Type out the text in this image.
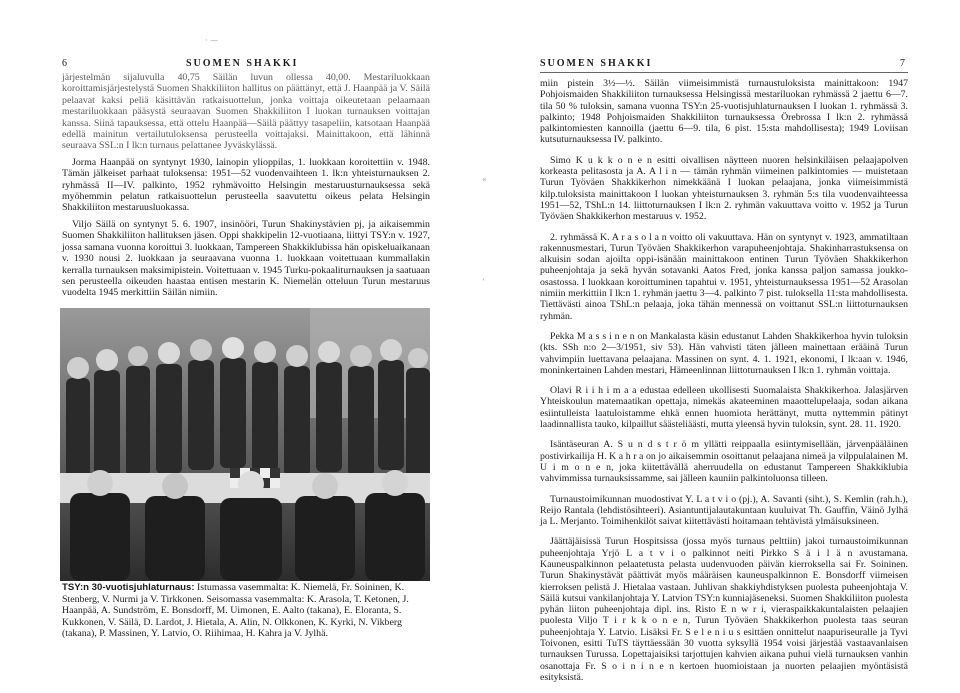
· —
6	SUOMEN SHAKKI

järjestelmän sijaluvulla 40,75 Säilän luvun ollessa 40,00. Mestariluokkaan koroittamisjärjestelystä Suomen Shakkiliiton hallitus on päättänyt, että J. Haanpää ja V. Säilä pelaavat kaksi peliä käsittävän ratkaisuottelun, jonka voittaja oikeutetaan pelaamaan mestariluokkaan pääsystä seuraavan Suomen Shakkiliiton I luokan turnauksen voittajan kanssa. Siinä tapauksessa, että ottelu Haanpää—Säilä päättyy tasapeliin, katsotaan Haanpää edellä mainitun vertailutuloksensa perusteella voittajaksi. Mainittakoon, että lähinnä seuraava SSL:n I lk:n turnaus pelattanee Jyväskylässä.

Jorma Haanpää on syntynyt 1930, lainopin ylioppilas, 1. luokkaan koroitettiin v. 1948. Tämän jälkeiset parhaat tuloksensa: 1951—52 vuodenvaihteen 1. lk:n yhteisturnauksen 2. ryhmässä II—IV. palkinto, 1952 ryhmävoitto Helsingin mestaruusturnauksessa sekä myöhemmin pelatun ratkaisuottelun perusteella saavutettu oikeus pelata Helsingin Shakkiliiton mestaruusluokassa.

Viljo Säilä on syntynyt 5. 6. 1907, insinööri, Turun Shakinystävien pj, ja aikaisemmin Suomen Shakkiliiton hallituksen jäsen. Oppi shakkipelin 12-vuotiaana, liittyi TSY:n v. 1927, jossa samana vuonna koroittui 3. luokkaan, Tampereen Shakkiklubissa hän opiskeluaikanaan v. 1930 nousi 2. luokkaan ja seuraavana vuonna 1. luokkaan voitettuaan kummallakin kerralla turnauksen maksimipistein. Voitettuaan v. 1945 Turku-pokaaliturnauksen ja saatuaan sen perusteella oikeuden haastaa entisen mestarin K. Niemelän otteluun Turun mestaruus vuodelta 1945 merkittiin Säilän nimiin.

TSY:n 30-vuotisjuhlaturnaus: Istumassa vasemmalta: K. Niemelä, Fr. Soininen, K. Stenberg, V. Nurmi ja V. Tirkkonen. Seisomassa vasemmalta: K. Arasola, T. Ketonen, J. Haanpää, A. Sundström, E. Bonsdorff, M. Uimonen, E. Aalto (takana), E. Eloranta, S. Kukkonen, V. Säilä, D. Lardot, J. Hietala, A. Alin, N. Olkkonen, K. Kyrki, N. Vikberg (takana), P. Massinen, Y. Latvio, O. Riihimaa, H. Kahra ja V. Jylhä.
SUOMEN SHAKKI	7

miin pistein 3½—½. Säilän viimeisimmistä turnaustuloksista mainittakoon: 1947 Pohjoismaiden Shakkiliiton turnauksessa Helsingissä mestariluokan ryhmässä 2 jaettu 6—7. tila 50 % tuloksin, samana vuonna TSY:n 25-vuotisjuhlaturnauksen I luokan 1. ryhmässä 3. palkinto; 1948 Pohjoismaiden Shakkiliiton turnauksessa Örebrossa I lk:n 2. ryhmässä palkintomiesten kannoilla (jaettu 6—9. tila, 6 pist. 15:sta mahdollisesta); 1949 Loviisan kutsuturnauksessa IV. palkinto.

Simo K u k k o n e n esitti oivallisen näytteen nuoren helsinkiläisen pelaajapolven korkeasta pelitasosta ja A. A l i n — tämän ryhmän viimeinen palkintomies — muistetaan Turun Työväen Shakkikerhon nimekkäänä I luokan pelaajana, jonka viimeisimmistä kilp.tuloksista mainittakoon I luokan yhteisturnauksen 3. ryhmän 5:s tila vuodenvaihteessa 1951—52, TShL:n 14. liittoturnauksen I lk:n 2. ryhmän vakuuttava voitto v. 1952 ja Turun Työväen Shakkikerhon mestaruus v. 1952.

2. ryhmässä K. A r a s o l a n voitto oli vakuuttava. Hän on syntynyt v. 1923, ammatiltaan rakennusmestari, Turun Työväen Shakkikerhon varapuheenjohtaja. Shakinharrastuksensa on alkuisin sodan ajoilta oppi-isänään mainittakoon entinen Turun Työväen Shakkikerhon puheenjohtaja ja sekä hyvän sotavanki Aatos Fred, jonka kanssa paljon samassa joukko-osastossa. I luokkaan koroittuminen tapahtui v. 1951, yhteisturnauksessa 1951—52 Arasolan nimiin merkittiin I lk:n 1. ryhmän jaettu 3—4. palkinto 7 pist. tuloksella 11:sta mahdollisesta. Tiettävästi ainoa TShL:n pelaaja, joka tähän mennessä on voittanut SSL:n liittoturnauksen ryhmän.

Pekka M a s s i n e n on Mankalasta käsin edustanut Lahden Shakkikerhoa hyvin tuloksin (kts. SSh n:o 2—3/1951, siv 53). Hän vahvisti täten jälleen mainettaan erääinä Turun vahvimpiin luettavana pelaajana. Massinen on synt. 4. 1. 1921, ekonomi, I lk:aan v. 1946, moninkertainen Lahden mestari, Hämeenlinnan liittoturnauksen I lk:n 1. ryhmän voittaja.

Olavi R i i h i m a a edustaa edelleen ukollisesti Suomalaista Shakkikerhoa. Jalasjärven Yhteiskoulun matemaatikan opettaja, nimekäs akateeminen maaottelupelaaja, sodan aikana esiintulleista laatuloistamme ehkä ennen huomiota herättänyt, mutta nyttemmin pätinyt laadinnallista tauko, kilpaillut säästeliäästi, mutta yleensä hyvin tuloksin, synt. 28. 11. 1920.

Isäntäseuran A. S u n d s t r ö m yllätti reippaalla esiintymisellään, järvenpääläinen postivirkailija H. K a h r a on jo aikaisemmin osoittanut pelaajana nimeä ja vilppulalainen M. U i m o n e n, joka kiitettävällä aherruudella on edustanut Tampereen Shakkiklubia vahvimmissa turnauksissamme, sai jälleen kauniin palkintoluonsa tilleen.

Turnaustoimikunnan muodostivat Y. L a t v i o (pj.), A. Savanti (siht.), S. Kemlin (rah.h.), Reijo Rantala (lehdistösihteeri). Asiantuntijalautakuntaan kuuluivat Th. Gauffin, Väinö Jylhä ja L. Merjanto. Toimihenkilöt saivat kiitettävästi hoitamaan tehtävistä ylmäisuksineen.

Jäättäjäisissä Turun Hospitsissa (jossa myös turnaus pelttiin) jakoi turnaustoimikunnan puheenjohtaja Yrjö L a t v i o palkinnot neiti Pirkko S ä i l ä n avustamana. Kauneuspalkinnon pelaatetusta pelasta uudenvuoden päivän kierroksella sai Fr. Soininen. Turun Shakinystävät päättivät myös määräisen kauneuspalkinnon E. Bonsdorff viimeisen kierroksen pelistä J. Hietalaa vastaan. Juhlivan shakkiyhdistyksen puolesta puheenjohtaja V. Säilä kutsui vankilanjohtaja Y. Latvion TSY:n kunniajäseneksi. Suomen Shakkiliiton puolesta pyhän liiton puheenjohtaja dipl. ins. Risto E n w r i, vieraspaikkakuntalaisten pelaajien puolesta Viljo T i r k k o n e n, Turun Työväen Shakkikerhon puolesta taas seuran puheenjohtaja Y. Latvio. Lisäksi Fr. S e l e n i u s esittäen onnittelut naapuriseuralle ja Tyvi Toivonen, esitti TuTS täyttäessään 30 vuotta syksyllä 1954 voisi järjestää vastaavanlaisen turnauksen Turussa. Lopettajaisiksi tarjottujen kahvien aikana puhui vielä turnauksen vanhin osanottaja Fr. S o i n i n e n kertoen huomioistaan ja nuorten pelaajien myöntäsistä esityksistä.

«
ʼ
